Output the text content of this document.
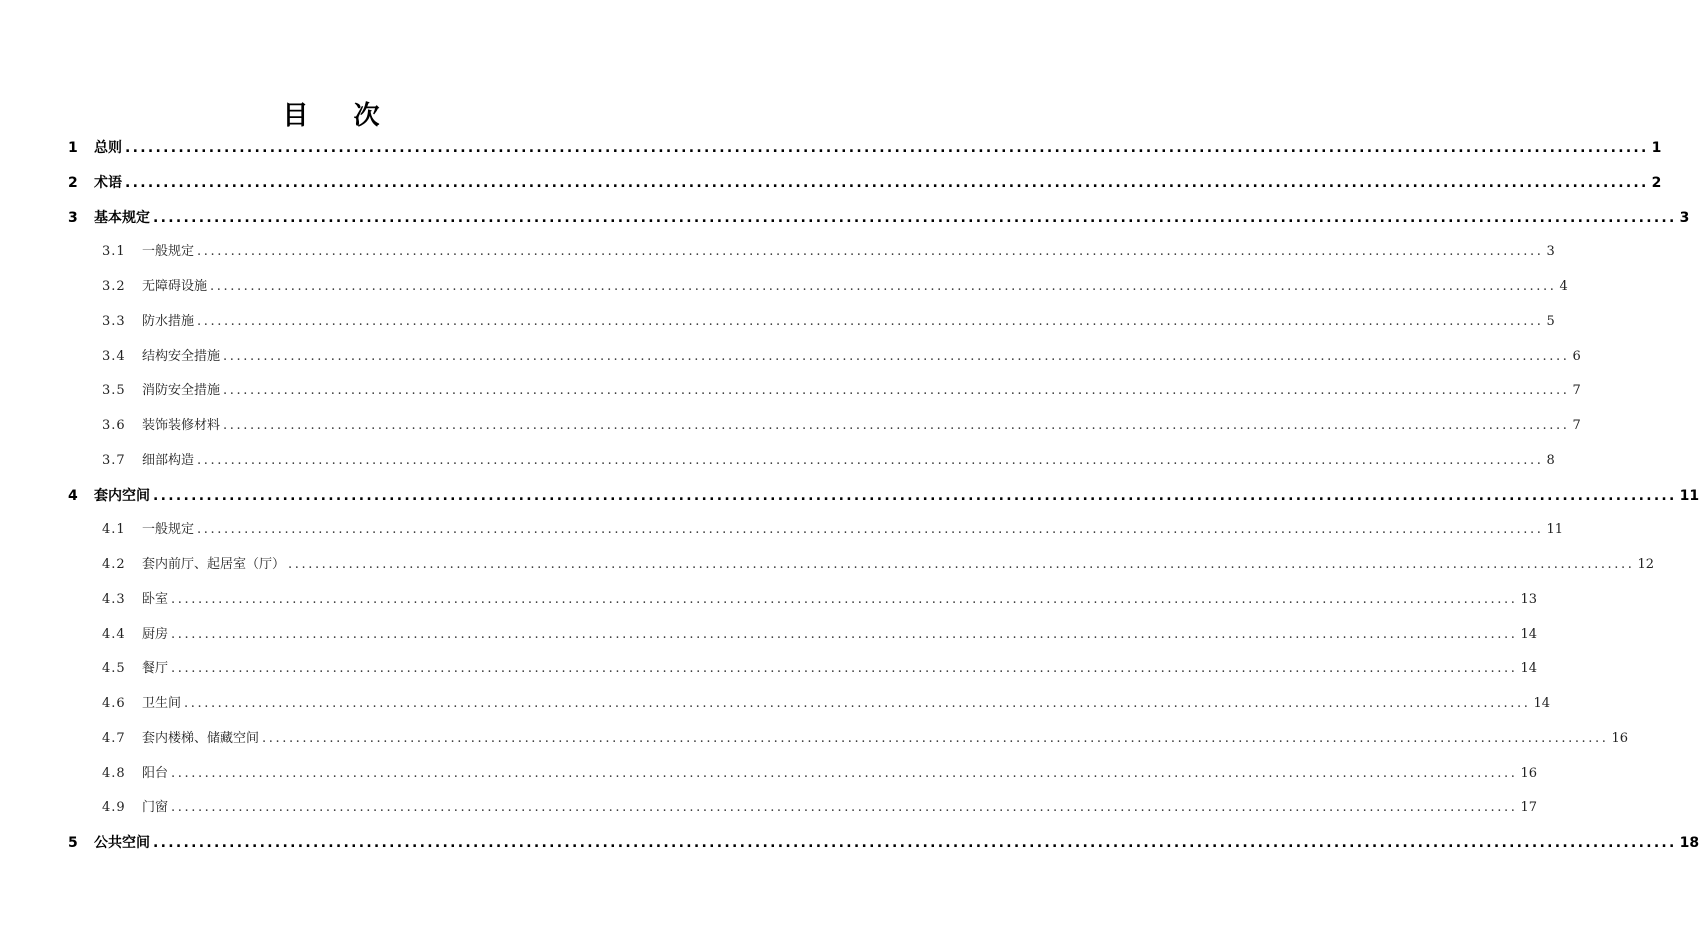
目 次
1	总则 ........................................................................................................................................................................................................ 1
2	术语 ........................................................................................................................................................................................................ 2
3	基本规定 ........................................................................................................................................................................................................ 3
3.1	一般规定 ........................................................................................................................................................................................................ 3
3.2	无障碍设施 ........................................................................................................................................................................................................ 4
3.3	防水措施 ........................................................................................................................................................................................................ 5
3.4	结构安全措施 ........................................................................................................................................................................................................ 6
3.5	消防安全措施 ........................................................................................................................................................................................................ 7
3.6	装饰装修材料 ........................................................................................................................................................................................................ 7
3.7	细部构造 ........................................................................................................................................................................................................ 8
4	套内空间 ........................................................................................................................................................................................................ 11
4.1	一般规定 ........................................................................................................................................................................................................ 11
4.2	套内前厅、起居室（厅） ........................................................................................................................................................................................................ 12
4.3	卧室 ........................................................................................................................................................................................................ 13
4.4	厨房 ........................................................................................................................................................................................................ 14
4.5	餐厅 ........................................................................................................................................................................................................ 14
4.6	卫生间 ........................................................................................................................................................................................................ 14
4.7	套内楼梯、储藏空间 ........................................................................................................................................................................................................ 16
4.8	阳台 ........................................................................................................................................................................................................ 16
4.9	门窗 ........................................................................................................................................................................................................ 17
5	公共空间 ........................................................................................................................................................................................................ 18
